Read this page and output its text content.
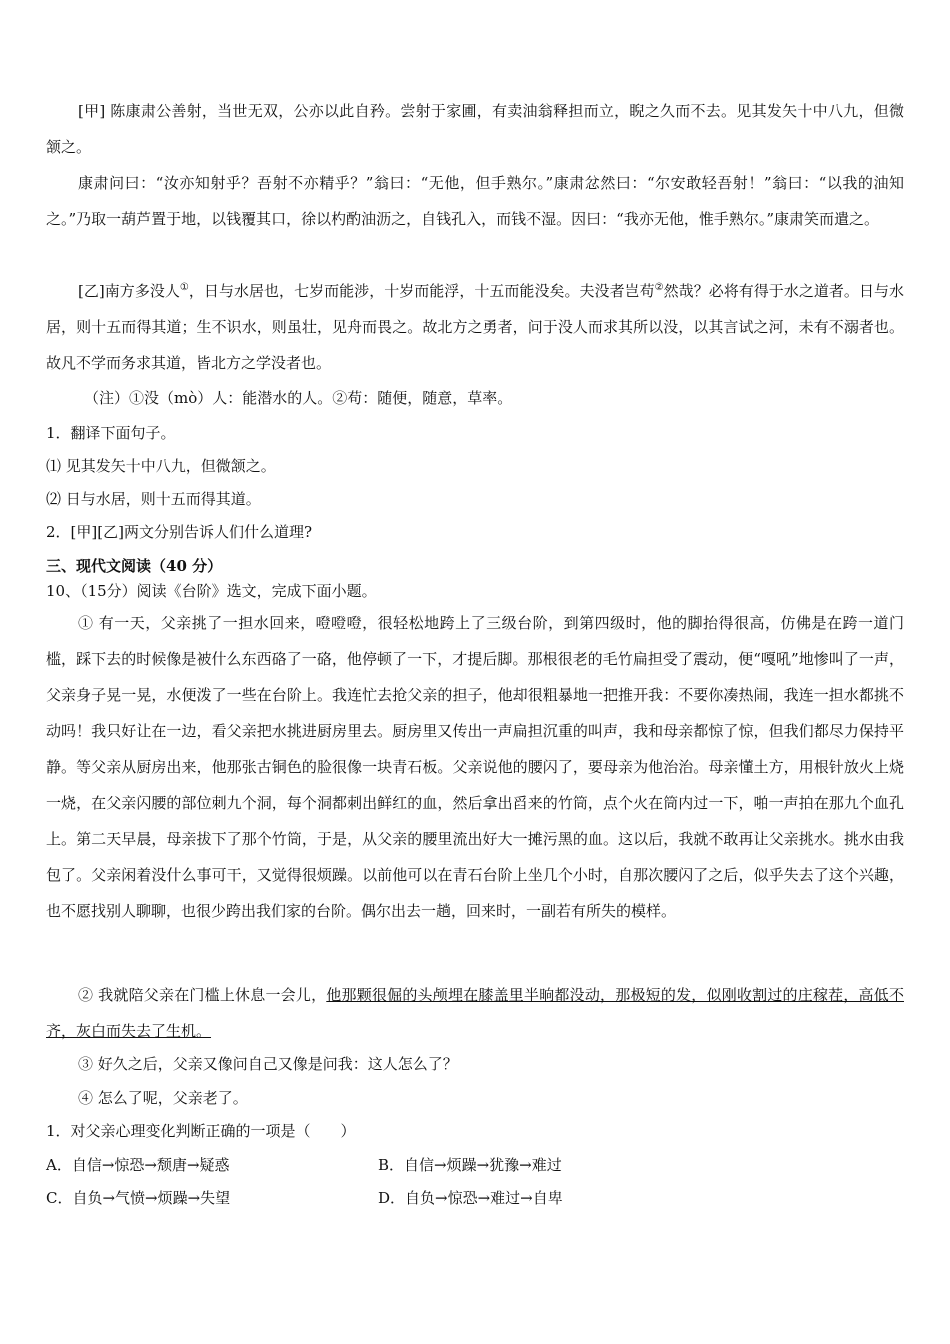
[甲] 陈康肃公善射，当世无双，公亦以此自矜。尝射于家圃，有卖油翁释担而立，睨之久而不去。见其发矢十中八九，但微颔之。

康肃问曰：“汝亦知射乎？吾射不亦精乎？”翁曰：“无他，但手熟尔。”康肃忿然曰：“尔安敢轻吾射！”翁曰：“以我的油知之。”乃取一葫芦置于地，以钱覆其口，徐以杓酌油沥之，自钱孔入，而钱不湿。因曰：“我亦无他，惟手熟尔。”康肃笑而遣之。

[乙]南方多没人①，日与水居也，七岁而能涉，十岁而能浮，十五而能没矣。夫没者岂苟②然哉？必将有得于水之道者。日与水居，则十五而得其道；生不识水，则虽壮，见舟而畏之。故北方之勇者，问于没人而求其所以没，以其言试之河，未有不溺者也。故凡不学而务求其道，皆北方之学没者也。

（注）①没（mò）人：能潜水的人。②苟：随便，随意，草率。

1．翻译下面句子。

⑴ 见其发矢十中八九，但微颔之。

⑵ 日与水居，则十五而得其道。

2．[甲][乙]两文分别告诉人们什么道理?

三、现代文阅读（40 分）

10、（15分）阅读《台阶》选文，完成下面小题。

① 有一天，父亲挑了一担水回来，噔噔噔，很轻松地跨上了三级台阶，到第四级时，他的脚抬得很高，仿佛是在跨一道门槛，踩下去的时候像是被什么东西硌了一硌，他停顿了一下，才提后脚。那根很老的毛竹扁担受了震动，便“嘎吼”地惨叫了一声，父亲身子晃一晃，水便泼了一些在台阶上。我连忙去抢父亲的担子，他却很粗暴地一把推开我：不要你凑热闹，我连一担水都挑不动吗！我只好让在一边，看父亲把水挑进厨房里去。厨房里又传出一声扁担沉重的叫声，我和母亲都惊了惊，但我们都尽力保持平静。等父亲从厨房出来，他那张古铜色的脸很像一块青石板。父亲说他的腰闪了，要母亲为他治治。母亲懂土方，用根针放火上烧一烧，在父亲闪腰的部位刺九个洞，每个洞都刺出鲜红的血，然后拿出舀来的竹筒，点个火在筒内过一下，啪一声拍在那九个血孔上。第二天早晨，母亲拔下了那个竹筒，于是，从父亲的腰里流出好大一摊污黑的血。这以后，我就不敢再让父亲挑水。挑水由我包了。父亲闲着没什么事可干，又觉得很烦躁。以前他可以在青石台阶上坐几个小时，自那次腰闪了之后，似乎失去了这个兴趣，也不愿找别人聊聊，也很少跨出我们家的台阶。偶尔出去一趟，回来时，一副若有所失的模样。

② 我就陪父亲在门槛上休息一会儿，他那颗很倔的头颅埋在膝盖里半晌都没动，那极短的发，似刚收割过的庄稼茬，高低不齐，灰白而失去了生机。

③ 好久之后，父亲又像问自己又像是问我：这人怎么了？

④ 怎么了呢，父亲老了。

1．对父亲心理变化判断正确的一项是（　　）

A．自信→惊恐→颓唐→疑惑	B．自信→烦躁→犹豫→难过
C．自负→气愤→烦躁→失望	D．自负→惊恐→难过→自卑
